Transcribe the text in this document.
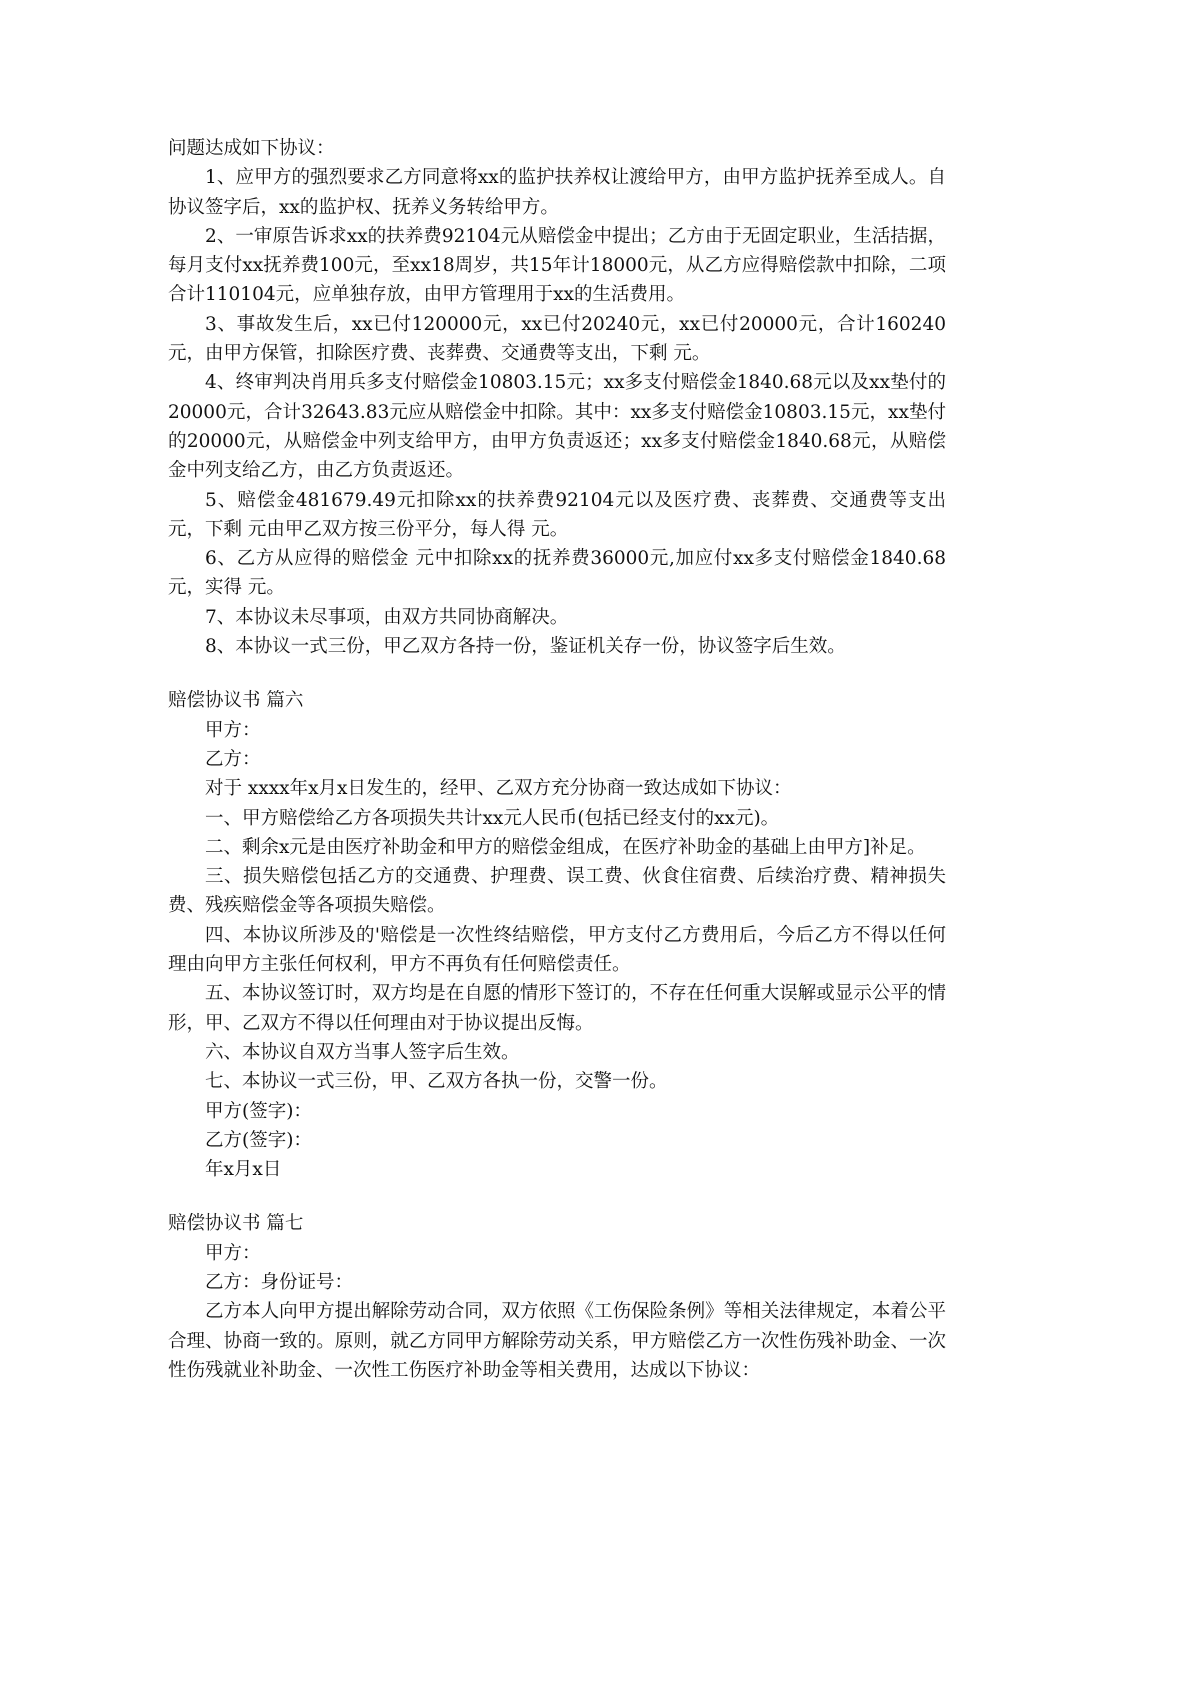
问题达成如下协议：

1、应甲方的强烈要求乙方同意将xx的监护扶养权让渡给甲方，由甲方监护抚养至成人。自协议签字后，xx的监护权、抚养义务转给甲方。

2、一审原告诉求xx的扶养费92104元从赔偿金中提出；乙方由于无固定职业，生活拮据，每月支付xx抚养费100元，至xx18周岁，共15年计18000元，从乙方应得赔偿款中扣除，二项合计110104元，应单独存放，由甲方管理用于xx的生活费用。

3、事故发生后，xx已付120000元，xx已付20240元，xx已付20000元，合计160240元，由甲方保管，扣除医疗费、丧葬费、交通费等支出，下剩 元。

4、终审判决肖用兵多支付赔偿金10803.15元；xx多支付赔偿金1840.68元以及xx垫付的20000元，合计32643.83元应从赔偿金中扣除。其中：xx多支付赔偿金10803.15元，xx垫付的20000元，从赔偿金中列支给甲方，由甲方负责返还；xx多支付赔偿金1840.68元，从赔偿金中列支给乙方，由乙方负责返还。

5、赔偿金481679.49元扣除xx的扶养费92104元以及医疗费、丧葬费、交通费等支出元，下剩 元由甲乙双方按三份平分，每人得 元。

6、乙方从应得的赔偿金 元中扣除xx的抚养费36000元,加应付xx多支付赔偿金1840.68元，实得 元。

7、本协议未尽事项，由双方共同协商解决。

8、本协议一式三份，甲乙双方各持一份，鉴证机关存一份，协议签字后生效。

赔偿协议书 篇六

甲方：

乙方：

对于 xxxx年x月x日发生的，经甲、乙双方充分协商一致达成如下协议：

一、甲方赔偿给乙方各项损失共计xx元人民币(包括已经支付的xx元)。

二、剩余x元是由医疗补助金和甲方的赔偿金组成，在医疗补助金的基础上由甲方]补足。

三、损失赔偿包括乙方的交通费、护理费、误工费、伙食住宿费、后续治疗费、精神损失费、残疾赔偿金等各项损失赔偿。

四、本协议所涉及的'赔偿是一次性终结赔偿，甲方支付乙方费用后，今后乙方不得以任何理由向甲方主张任何权利，甲方不再负有任何赔偿责任。

五、本协议签订时，双方均是在自愿的情形下签订的，不存在任何重大误解或显示公平的情形，甲、乙双方不得以任何理由对于协议提出反悔。

六、本协议自双方当事人签字后生效。

七、本协议一式三份，甲、乙双方各执一份，交警一份。

甲方(签字)：

乙方(签字)：

年x月x日

赔偿协议书 篇七

甲方：

乙方：身份证号：

乙方本人向甲方提出解除劳动合同，双方依照《工伤保险条例》等相关法律规定，本着公平合理、协商一致的。原则，就乙方同甲方解除劳动关系，甲方赔偿乙方一次性伤残补助金、一次性伤残就业补助金、一次性工伤医疗补助金等相关费用，达成以下协议：
